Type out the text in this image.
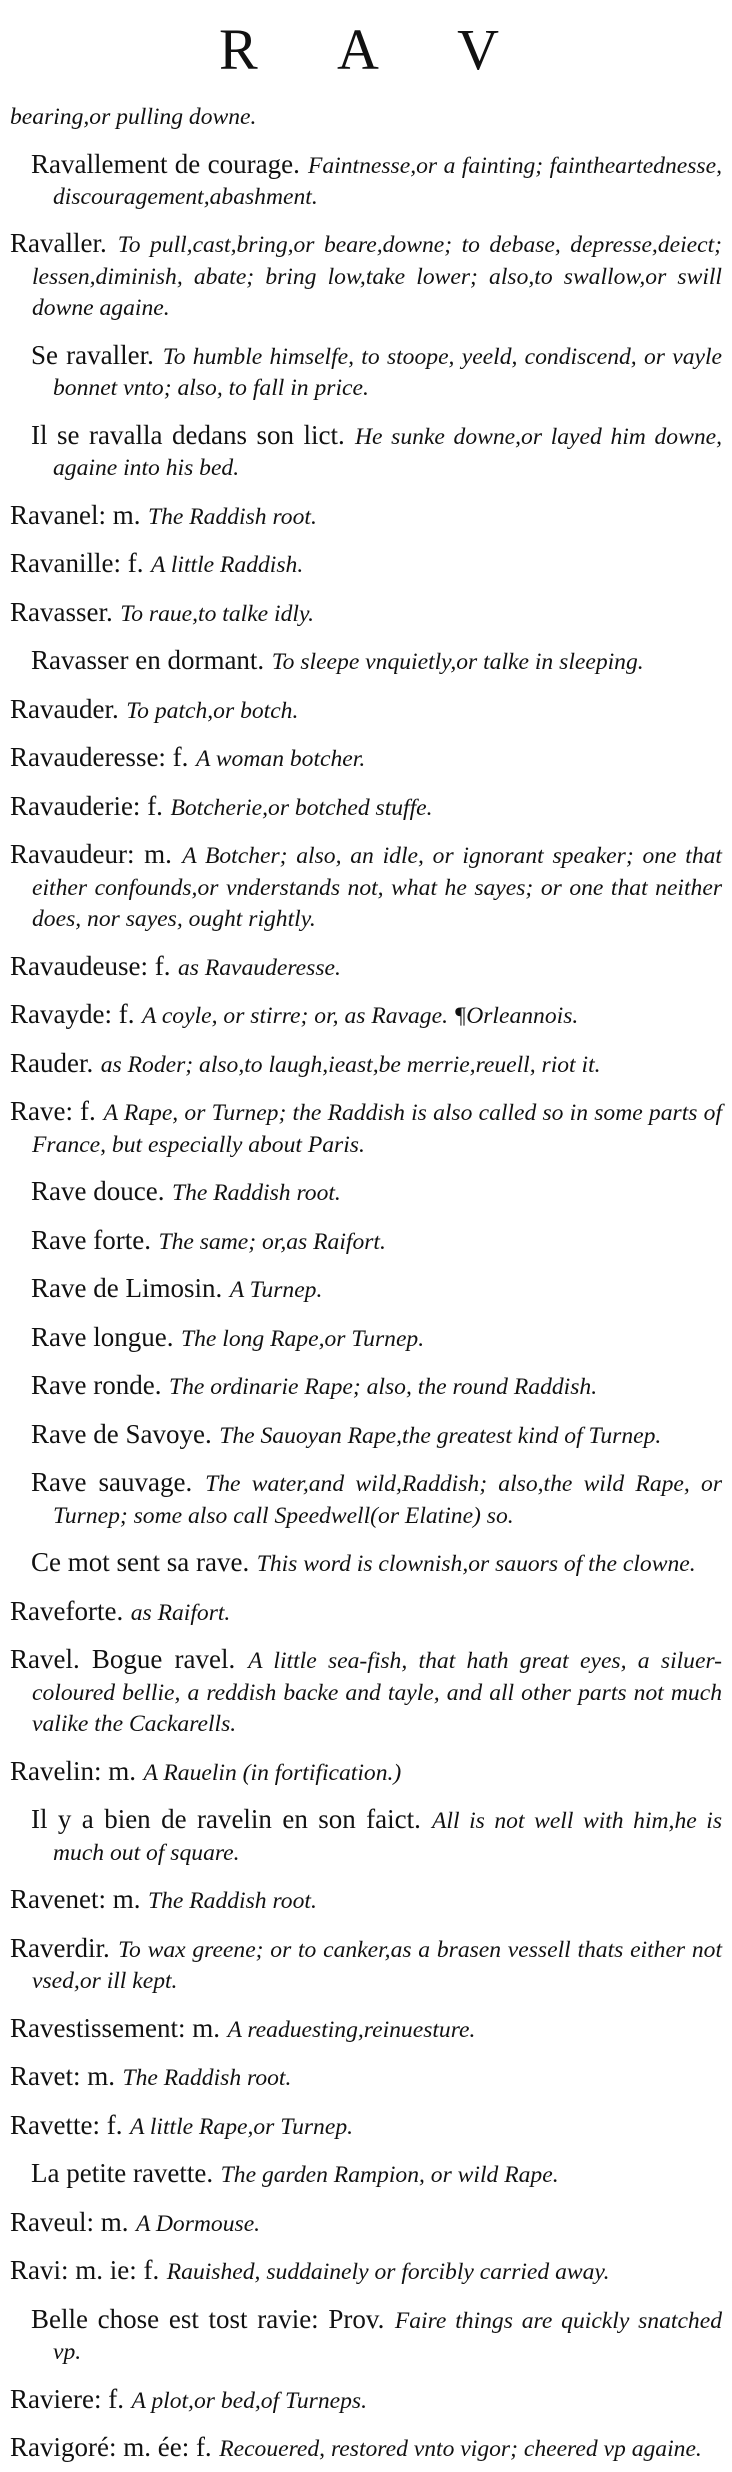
R A V
bearing,or pulling downe.
Ravallement de courage. Faintnesse,or a fainting; faintheartednesse, discouragement,abashment.
Ravaller. To pull,cast,bring,or beare,downe; to debase, depresse,deiect; lessen,diminish, abate; bring low,take lower; also,to swallow,or swill downe againe.
Se ravaller. To humble himselfe, to stoope, yeeld, condiscend, or vayle bonnet vnto; also, to fall in price.
Il se ravalla dedans son lict. He sunke downe,or layed him downe, againe into his bed.
Ravanel: m. The Raddish root.
Ravanille: f. A little Raddish.
Ravasser. To raue,to talke idly.
Ravasser en dormant. To sleepe vnquietly,or talke in sleeping.
Ravauder. To patch,or botch.
Ravauderesse: f. A woman botcher.
Ravauderie: f. Botcherie,or botched stuffe.
Ravaudeur: m. A Botcher; also, an idle, or ignorant speaker; one that either confounds,or vnderstands not, what he sayes; or one that neither does, nor sayes, ought rightly.
Ravaudeuse: f. as Ravauderesse.
Ravayde: f. A coyle, or stirre; or, as Ravage. ¶Orleannois.
Rauder. as Roder; also,to laugh,ieast,be merrie,reuell, riot it.
Rave: f. A Rape, or Turnep; the Raddish is also called so in some parts of France, but especially about Paris.
Rave douce. The Raddish root.
Rave forte. The same; or,as Raifort.
Rave de Limosin. A Turnep.
Rave longue. The long Rape,or Turnep.
Rave ronde. The ordinarie Rape; also, the round Raddish.
Rave de Savoye. The Sauoyan Rape,the greatest kind of Turnep.
Rave sauvage. The water,and wild,Raddish; also,the wild Rape, or Turnep; some also call Speedwell(or Elatine) so.
Ce mot sent sa rave. This word is clownish,or sauors of the clowne.
Raveforte. as Raifort.
Ravel. Bogue ravel. A little sea-fish, that hath great eyes, a siluer-coloured bellie, a reddish backe and tayle, and all other parts not much valike the Cackarells.
Ravelin: m. A Rauelin (in fortification.)
Il y a bien de ravelin en son faict. All is not well with him,he is much out of square.
Ravenet: m. The Raddish root.
Raverdir. To wax greene; or to canker,as a brasen vessell thats either not vsed,or ill kept.
Ravestissement: m. A readuesting,reinuesture.
Ravet: m. The Raddish root.
Ravette: f. A little Rape,or Turnep.
La petite ravette. The garden Rampion, or wild Rape.
Raveul: m. A Dormouse.
Ravi: m. ie: f. Rauished, suddainely or forcibly carried away.
Belle chose est tost ravie: Prov. Faire things are quickly snatched vp.
Raviere: f. A plot,or bed,of Turneps.
Ravigoré: m. ée: f. Recouered, restored vnto vigor; cheered vp againe.
